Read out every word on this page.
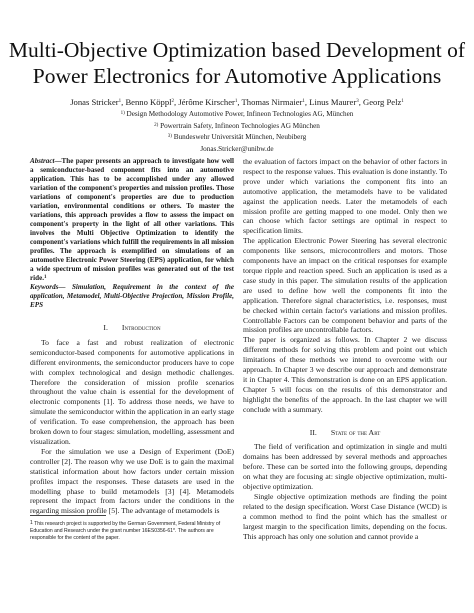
Multi-Objective Optimization based Development of
Power Electronics for Automotive Applications
Jonas Stricker$^1$, Benno Köppl$^2$, Jérôme Kirscher$^1$, Thomas Nirmaier$^1$, Linus Maurer$^3$, Georg Pelz$^1$
$^{1)}$ Design Methodology Automotive Power, Infineon Technologies AG, München
$^{2)}$ Powertrain Safety, Infineon Technologies AG München
$^{3)}$ Bundeswehr Universität München, Neubiberg
Jonas.Stricker@unibw.de

Abstract—The paper presents an approach to investigate how well a semiconductor-based component fits into an automotive application. This has to be accomplished under any allowed variation of the component's properties and mission profiles. Those variations of component's properties are due to production variation, environmental conditions or others. To master the variations, this approach provides a flow to assess the impact on component's property in the light of all other variations. This involves the Multi Objective Optimization to identify the component's variations which fulfill the requirements in all mission profiles. The approach is exemplified on simulations of an automotive Electronic Power Steering (EPS) application, for which a wide spectrum of mission profiles was generated out of the test ride.$^1$

Keywords— Simulation, Requirement in the context of the application, Metamodel, Multi-Objective Projection, Mission Profile, EPS

I. Introduction

To face a fast and robust realization of electronic semiconductor-based components for automotive applications in different environments, the semiconductor producers have to cope with complex technological and design methodic challenges. Therefore the consideration of mission profile scenarios throughout the value chain is essential for the development of electronic components [1]. To address those needs, we have to simulate the semiconductor within the application in an early stage of verification. To ease comprehension, the approach has been broken down to four stages: simulation, modelling, assessment and visualization.

For the simulation we use a Design of Experiment (DoE) controller [2]. The reason why we use DoE is to gain the maximal statistical information about how factors under certain mission profiles impact the responses. These datasets are used in the modelling phase to build metamodels [3] [4]. Metamodels represent the impact from factors under the conditions in the regarding mission profile [5]. The advantage of metamodels is

the evaluation of factors impact on the behavior of other factors in respect to the response values. This evaluation is done instantly. To prove under which variations the component fits into an automotive application, the metamodels have to be validated against the application needs. Later the metamodels of each mission profile are getting mapped to one model. Only then we can choose which factor settings are optimal in respect to specification limits.

The application Electronic Power Steering has several electronic components like sensors, microcontrollers and motors. Those components have an impact on the critical responses for example torque ripple and reaction speed. Such an application is used as a case study in this paper. The simulation results of the application are used to define how well the components fit into the application. Therefore signal characteristics, i.e. responses, must be checked within certain factor's variations and mission profiles. Controllable Factors can be component behavior and parts of the mission profiles are uncontrollable factors.

The paper is organized as follows. In Chapter 2 we discuss different methods for solving this problem and point out which limitations of these methods we intend to overcome with our approach. In Chapter 3 we describe our approach and demonstrate it in Chapter 4. This demonstration is done on an EPS application. Chapter 5 will focus on the results of this demonstrator and highlight the benefits of the approach. In the last chapter we will conclude with a summary.

II. State of the Art

The field of verification and optimization in single and multi domains has been addressed by several methods and approaches before. These can be sorted into the following groups, depending on what they are focusing at: single objective optimization, multi-objective optimization.

Single objective optimization methods are finding the point related to the design specification. Worst Case Distance (WCD) is a common method to find the point which has the smallest or largest margin to the specification limits, depending on the focus. This approach has only one solution and cannot provide a

$^1$ This research project is supported by the German Government, Federal Ministry of Education and Research under the grant number 16ES0356-61*. The authors are responsible for the content of the paper.
